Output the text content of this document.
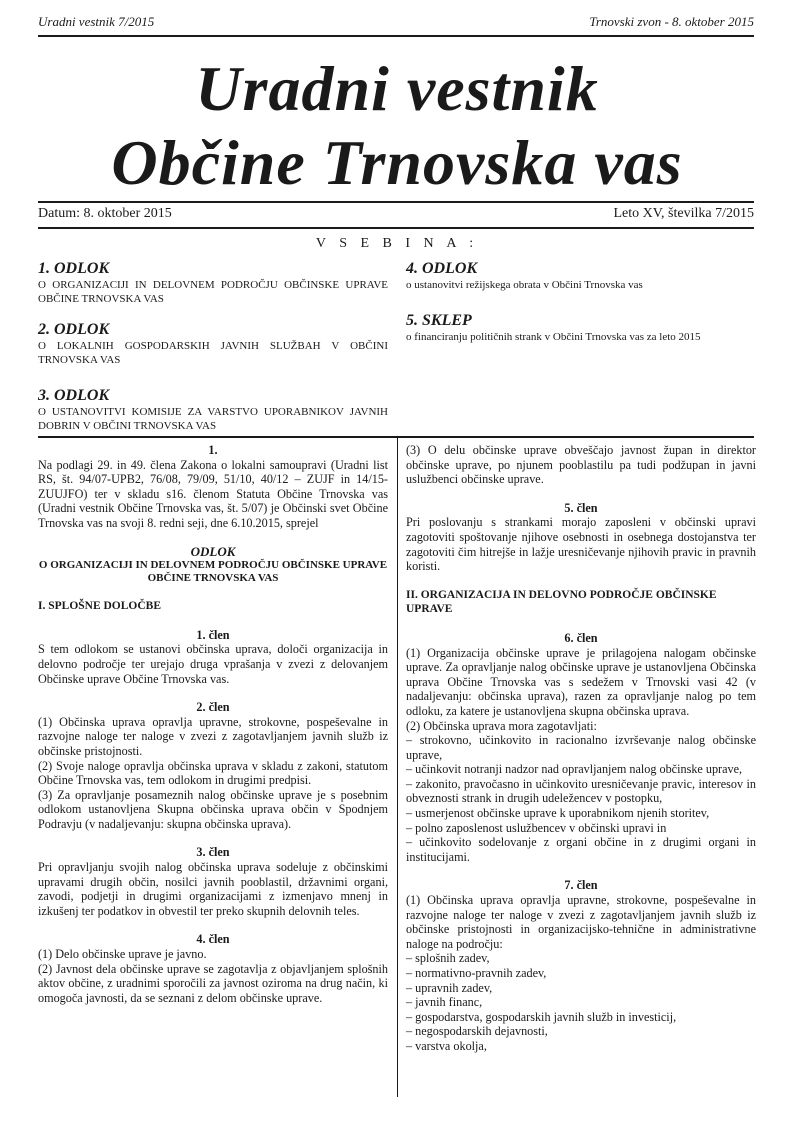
Uradni vestnik 7/2015	Trnovski zvon - 8. oktober 2015
Uradni vestnik
Občine Trnovska vas
Datum: 8. oktober 2015	Leto XV, številka 7/2015
V S E B I N A :
1. ODLOK
O ORGANIZACIJI IN DELOVNEM PODROČJU OBČINSKE UPRAVE OBČINE TRNOVSKA VAS
2. ODLOK
O LOKALNIH GOSPODARSKIH JAVNIH SLUŽBAH V OBČINI TRNOVSKA VAS
3. ODLOK
O USTANOVITVI KOMISIJE ZA VARSTVO UPORABNIKOV JAVNIH DOBRIN V OBČINI TRNOVSKA VAS
4. ODLOK
o ustanovitvi režijskega obrata v Občini Trnovska vas
5. SKLEP
o financiranju političnih strank v Občini Trnovska vas za leto 2015
1.

Na podlagi 29. in 49. člena Zakona o lokalni samoupravi (Uradni list RS, št. 94/07-UPB2, 76/08, 79/09, 51/10, 40/12 – ZUJF in 14/15-ZUUJFO) ter v skladu s16. členom Statuta Občine Trnovska vas (Uradni vestnik Občine Trnovska vas, št. 5/07) je Občinski svet Občine Trnovska vas na svoji 8. redni seji, dne 6.10.2015, sprejel

ODLOK
O ORGANIZACIJI IN DELOVNEM PODROČJU OBČINSKE UPRAVE OBČINE TRNOVSKA VAS
I. SPLOŠNE DOLOČBE
1. člen

S tem odlokom se ustanovi občinska uprava, določi organizacija in delovno področje ter urejajo druga vprašanja v zvezi z delovanjem Občinske uprave Občine Trnovska vas.

2. člen

(1) Občinska uprava opravlja upravne, strokovne, pospeševalne in razvojne naloge ter naloge v zvezi z zagotavljanjem javnih služb iz občinske pristojnosti.

(2) Svoje naloge opravlja občinska uprava v skladu z zakoni, statutom Občine Trnovska vas, tem odlokom in drugimi predpisi.

(3) Za opravljanje posameznih nalog občinske uprave je s posebnim odlokom ustanovljena Skupna občinska uprava občin v Spodnjem Podravju (v nadaljevanju: skupna občinska uprava).

3. člen

Pri opravljanju svojih nalog občinska uprava sodeluje z občinskimi upravami drugih občin, nosilci javnih pooblastil, državnimi organi, zavodi, podjetji in drugimi organizacijami z izmenjavo mnenj in izkušenj ter podatkov in obvestil ter preko skupnih delovnih teles.

4. člen

(1) Delo občinske uprave je javno.

(2) Javnost dela občinske uprave se zagotavlja z objavljanjem splošnih aktov občine, z uradnimi sporočili za javnost oziroma na drug način, ki omogoča javnosti, da se seznani z delom občinske uprave.

(3) O delu občinske uprave obveščajo javnost župan in direktor občinske uprave, po njunem pooblastilu pa tudi podžupan in javni uslužbenci občinske uprave.

5. člen

Pri poslovanju s strankami morajo zaposleni v občinski upravi zagotoviti spoštovanje njihove osebnosti in osebnega dostojanstva ter zagotoviti čim hitrejše in lažje uresničevanje njihovih pravic in pravnih koristi.

II. ORGANIZACIJA IN DELOVNO PODROČJE OBČINSKE UPRAVE
6. člen

(1) Organizacija občinske uprave je prilagojena nalogam občinske uprave. Za opravljanje nalog občinske uprave je ustanovljena Občinska uprava Občine Trnovska vas s sedežem v Trnovski vasi 42 (v nadaljevanju: občinska uprava), razen za opravljanje nalog po tem odloku, za katere je ustanovljena skupna občinska uprava.

(2) Občinska uprava mora zagotavljati:

– strokovno, učinkovito in racionalno izvrševanje nalog občinske uprave,

– učinkovit notranji nadzor nad opravljanjem nalog občinske uprave,

– zakonito, pravočasno in učinkovito uresničevanje pravic, interesov in obveznosti strank in drugih udeležencev v postopku,

– usmerjenost občinske uprave k uporabnikom njenih storitev,

– polno zaposlenost uslužbencev v občinski upravi in

– učinkovito sodelovanje z organi občine in z drugimi organi in institucijami.

7. člen

(1) Občinska uprava opravlja upravne, strokovne, pospeševalne in razvojne naloge ter naloge v zvezi z zagotavljanjem javnih služb iz občinske pristojnosti in organizacijsko-tehnične in administrativne naloge na področju:

– splošnih zadev,

– normativno-pravnih zadev,

– upravnih zadev,

– javnih financ,

– gospodarstva, gospodarskih javnih služb in investicij,

– negospodarskih dejavnosti,

– varstva okolja,
